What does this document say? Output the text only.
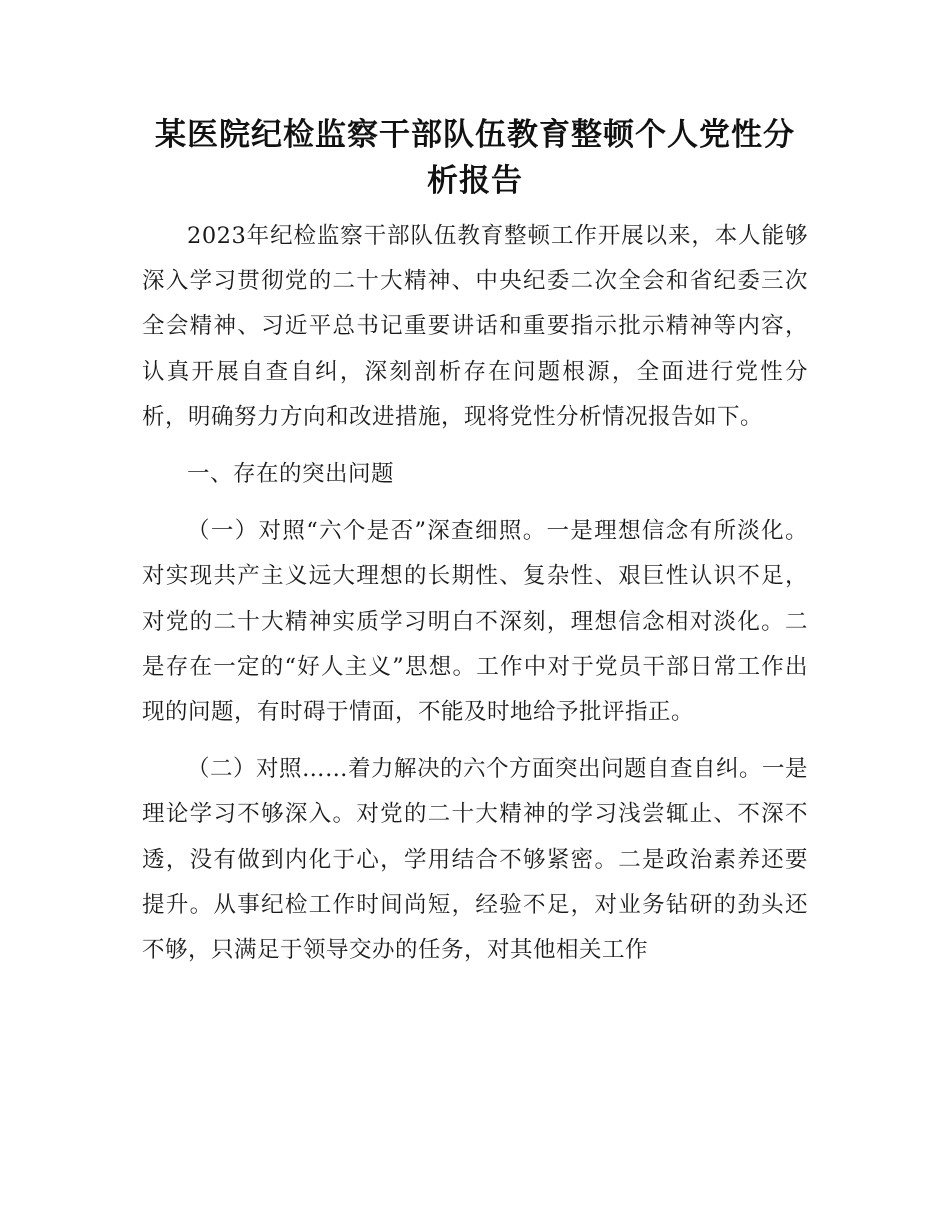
某医院纪检监察干部队伍教育整顿个人党性分析报告

2023年纪检监察干部队伍教育整顿工作开展以来，本人能够深入学习贯彻党的二十大精神、中央纪委二次全会和省纪委三次全会精神、习近平总书记重要讲话和重要指示批示精神等内容，认真开展自查自纠，深刻剖析存在问题根源，全面进行党性分析，明确努力方向和改进措施，现将党性分析情况报告如下。

一、存在的突出问题

（一）对照“六个是否”深查细照。一是理想信念有所淡化。对实现共产主义远大理想的长期性、复杂性、艰巨性认识不足，对党的二十大精神实质学习明白不深刻，理想信念相对淡化。二是存在一定的“好人主义”思想。工作中对于党员干部日常工作出现的问题，有时碍于情面，不能及时地给予批评指正。

（二）对照……着力解决的六个方面突出问题自查自纠。一是理论学习不够深入。对党的二十大精神的学习浅尝辄止、不深不透，没有做到内化于心，学用结合不够紧密。二是政治素养还要提升。从事纪检工作时间尚短，经验不足，对业务钻研的劲头还不够，只满足于领导交办的任务，对其他相关工作
